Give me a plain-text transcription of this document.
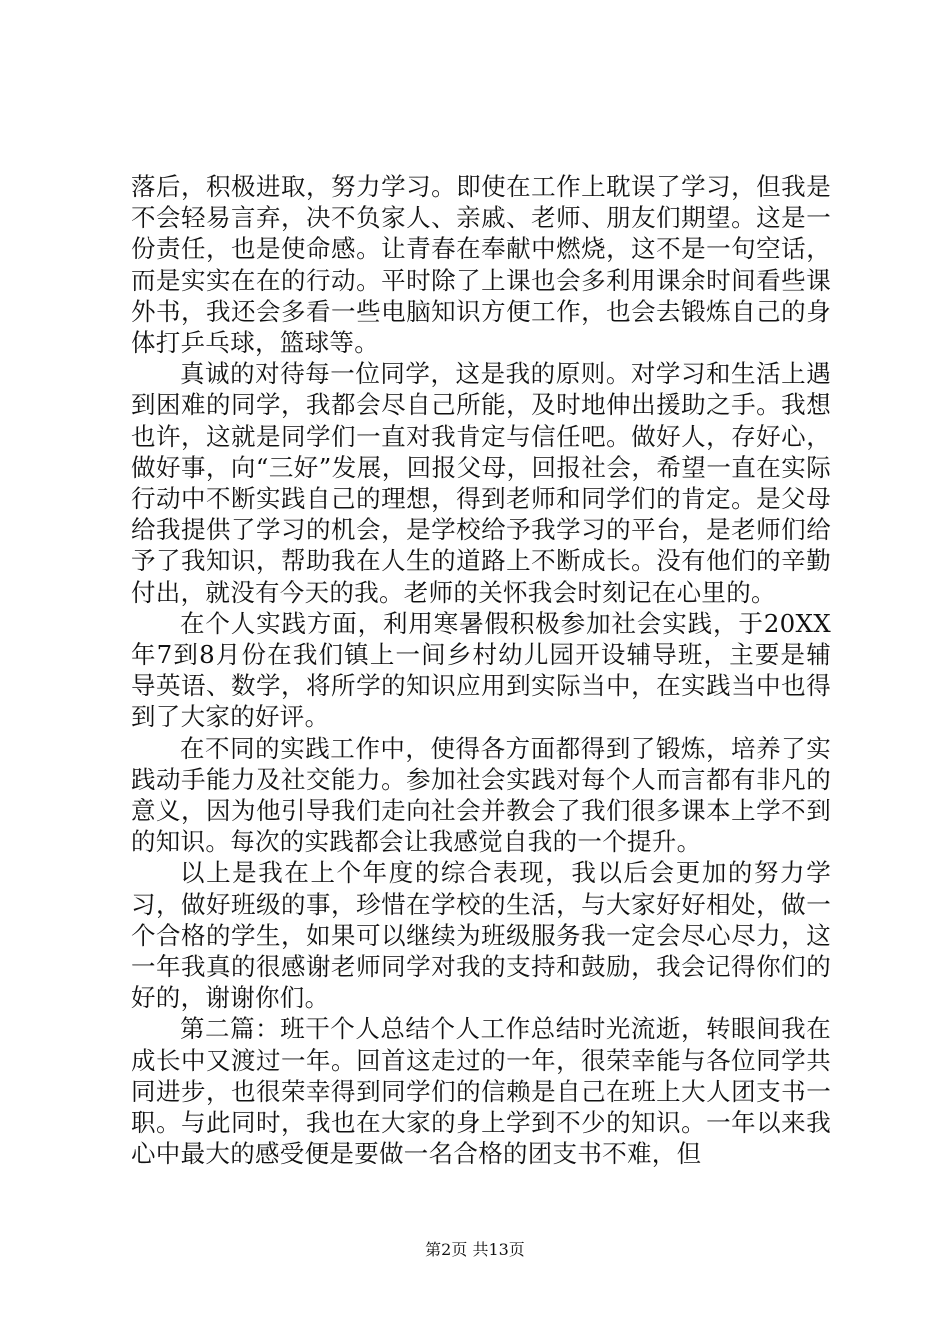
落后，积极进取，努力学习。即使在工作上耽误了学习，但我是不会轻易言弃，决不负家人、亲戚、老师、朋友们期望。这是一份责任，也是使命感。让青春在奉献中燃烧，这不是一句空话，而是实实在在的行动。平时除了上课也会多利用课余时间看些课外书，我还会多看一些电脑知识方便工作，也会去锻炼自己的身体打乒乓球，篮球等。

真诚的对待每一位同学，这是我的原则。对学习和生活上遇到困难的同学，我都会尽自己所能，及时地伸出援助之手。我想也许，这就是同学们一直对我肯定与信任吧。做好人，存好心，做好事，向“三好”发展，回报父母，回报社会，希望一直在实际行动中不断实践自己的理想，得到老师和同学们的肯定。是父母给我提供了学习的机会，是学校给予我学习的平台，是老师们给予了我知识，帮助我在人生的道路上不断成长。没有他们的辛勤付出，就没有今天的我。老师的关怀我会时刻记在心里的。

在个人实践方面，利用寒暑假积极参加社会实践，于20XX年7到8月份在我们镇上一间乡村幼儿园开设辅导班，主要是辅导英语、数学，将所学的知识应用到实际当中，在实践当中也得到了大家的好评。

在不同的实践工作中，使得各方面都得到了锻炼，培养了实践动手能力及社交能力。参加社会实践对每个人而言都有非凡的意义，因为他引导我们走向社会并教会了我们很多课本上学不到的知识。每次的实践都会让我感觉自我的一个提升。

以上是我在上个年度的综合表现，我以后会更加的努力学习，做好班级的事，珍惜在学校的生活，与大家好好相处，做一个合格的学生，如果可以继续为班级服务我一定会尽心尽力，这一年我真的很感谢老师同学对我的支持和鼓励，我会记得你们的好的，谢谢你们。

第二篇：班干个人总结个人工作总结时光流逝，转眼间我在成长中又渡过一年。回首这走过的一年，很荣幸能与各位同学共同进步，也很荣幸得到同学们的信赖是自己在班上大人团支书一职。与此同时，我也在大家的身上学到不少的知识。一年以来我心中最大的感受便是要做一名合格的团支书不难，但

第2页 共13页
